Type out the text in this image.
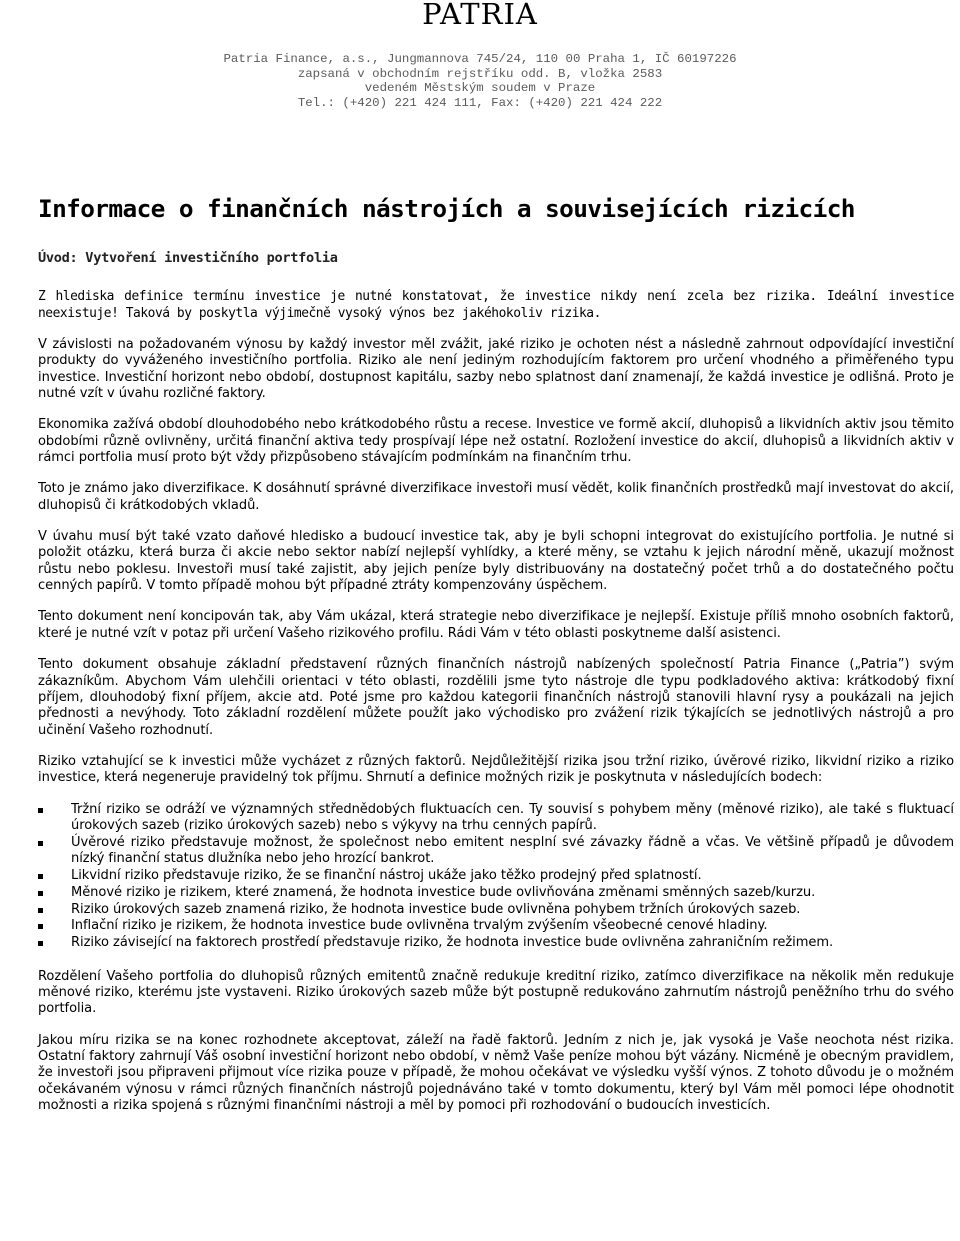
PATRIA
Patria Finance, a.s., Jungmannova 745/24, 110 00 Praha 1, IČ 60197226
zapsaná v obchodním rejstříku odd. B, vložka 2583
vedeném Městským soudem v Praze
Tel.: (+420) 221 424 111, Fax: (+420) 221 424 222
Informace o finančních nástrojích a souvisejících rizicích
Úvod: Vytvoření investičního portfolia

Z hlediska definice termínu investice je nutné konstatovat, že investice nikdy není zcela bez rizika. Ideální investice neexistuje! Taková by poskytla výjimečně vysoký výnos bez jakéhokoliv rizika.

V závislosti na požadovaném výnosu by každý investor měl zvážit, jaké riziko je ochoten nést a následně zahrnout odpovídající investiční produkty do vyváženého investičního portfolia. Riziko ale není jediným rozhodujícím faktorem pro určení vhodného a přiměřeného typu investice. Investiční horizont nebo období, dostupnost kapitálu, sazby nebo splatnost daní znamenají, že každá investice je odlišná. Proto je nutné vzít v úvahu rozličné faktory.

Ekonomika zažívá období dlouhodobého nebo krátkodobého růstu a recese. Investice ve formě akcií, dluhopisů a likvidních aktiv jsou těmito obdobími různě ovlivněny, určitá finanční aktiva tedy prospívají lépe než ostatní. Rozložení investice do akcií, dluhopisů a likvidních aktiv v rámci portfolia musí proto být vždy přizpůsobeno stávajícím podmínkám na finančním trhu.

Toto je známo jako diverzifikace. K dosáhnutí správné diverzifikace investoři musí vědět, kolik finančních prostředků mají investovat do akcií, dluhopisů či krátkodobých vkladů.

V úvahu musí být také vzato daňové hledisko a budoucí investice tak, aby je byli schopni integrovat do existujícího portfolia. Je nutné si položit otázku, která burza či akcie nebo sektor nabízí nejlepší vyhlídky, a které měny, se vztahu k jejich národní měně, ukazují možnost růstu nebo poklesu. Investoři musí také zajistit, aby jejich peníze byly distribuovány na dostatečný počet trhů a do dostatečného počtu cenných papírů. V tomto případě mohou být případné ztráty kompenzovány úspěchem.

Tento dokument není koncipován tak, aby Vám ukázal, která strategie nebo diverzifikace je nejlepší. Existuje příliš mnoho osobních faktorů, které je nutné vzít v potaz při určení Vašeho rizikového profilu. Rádi Vám v této oblasti poskytneme další asistenci.

Tento dokument obsahuje základní představení různých finančních nástrojů nabízených společností Patria Finance („Patria”) svým zákazníkům. Abychom Vám ulehčili orientaci v této oblasti, rozdělili jsme tyto nástroje dle typu podkladového aktiva: krátkodobý fixní příjem, dlouhodobý fixní příjem, akcie atd. Poté jsme pro každou kategorii finančních nástrojů stanovili hlavní rysy a poukázali na jejich přednosti a nevýhody. Toto základní rozdělení můžete použít jako východisko pro zvážení rizik týkajících se jednotlivých nástrojů a pro učinění Vašeho rozhodnutí.

Riziko vztahující se k investici může vycházet z různých faktorů. Nejdůležitější rizika jsou tržní riziko, úvěrové riziko, likvidní riziko a riziko investice, která negeneruje pravidelný tok příjmu. Shrnutí a definice možných rizik je poskytnuta v následujících bodech:

Tržní riziko se odráží ve významných střednědobých fluktuacích cen. Ty souvisí s pohybem měny (měnové riziko), ale také s fluktuací úrokových sazeb (riziko úrokových sazeb) nebo s výkyvy na trhu cenných papírů.
Úvěrové riziko představuje možnost, že společnost nebo emitent nesplní své závazky řádně a včas. Ve většině případů je důvodem nízký finanční status dlužníka nebo jeho hrozící bankrot.
Likvidní riziko představuje riziko, že se finanční nástroj ukáže jako těžko prodejný před splatností.
Měnové riziko je rizikem, které znamená, že hodnota investice bude ovlivňována změnami směnných sazeb/kurzu.
Riziko úrokových sazeb znamená riziko, že hodnota investice bude ovlivněna pohybem tržních úrokových sazeb.
Inflační riziko je rizikem, že hodnota investice bude ovlivněna trvalým zvýšením všeobecné cenové hladiny.
Riziko závisející na faktorech prostředí představuje riziko, že hodnota investice bude ovlivněna zahraničním režimem.

Rozdělení Vašeho portfolia do dluhopisů různých emitentů značně redukuje kreditní riziko, zatímco diverzifikace na několik měn redukuje měnové riziko, kterému jste vystaveni. Riziko úrokových sazeb může být postupně redukováno zahrnutím nástrojů peněžního trhu do svého portfolia.

Jakou míru rizika se na konec rozhodnete akceptovat, záleží na řadě faktorů. Jedním z nich je, jak vysoká je Vaše neochota nést rizika. Ostatní faktory zahrnují Váš osobní investiční horizont nebo období, v němž Vaše peníze mohou být vázány. Nicméně je obecným pravidlem, že investoři jsou připraveni přijmout více rizika pouze v případě, že mohou očekávat ve výsledku vyšší výnos. Z tohoto důvodu je o možném očekávaném výnosu v rámci různých finančních nástrojů pojednáváno také v tomto dokumentu, který byl Vám měl pomoci lépe ohodnotit možnosti a rizika spojená s různými finančními nástroji a měl by pomoci při rozhodování o budoucích investicích.
